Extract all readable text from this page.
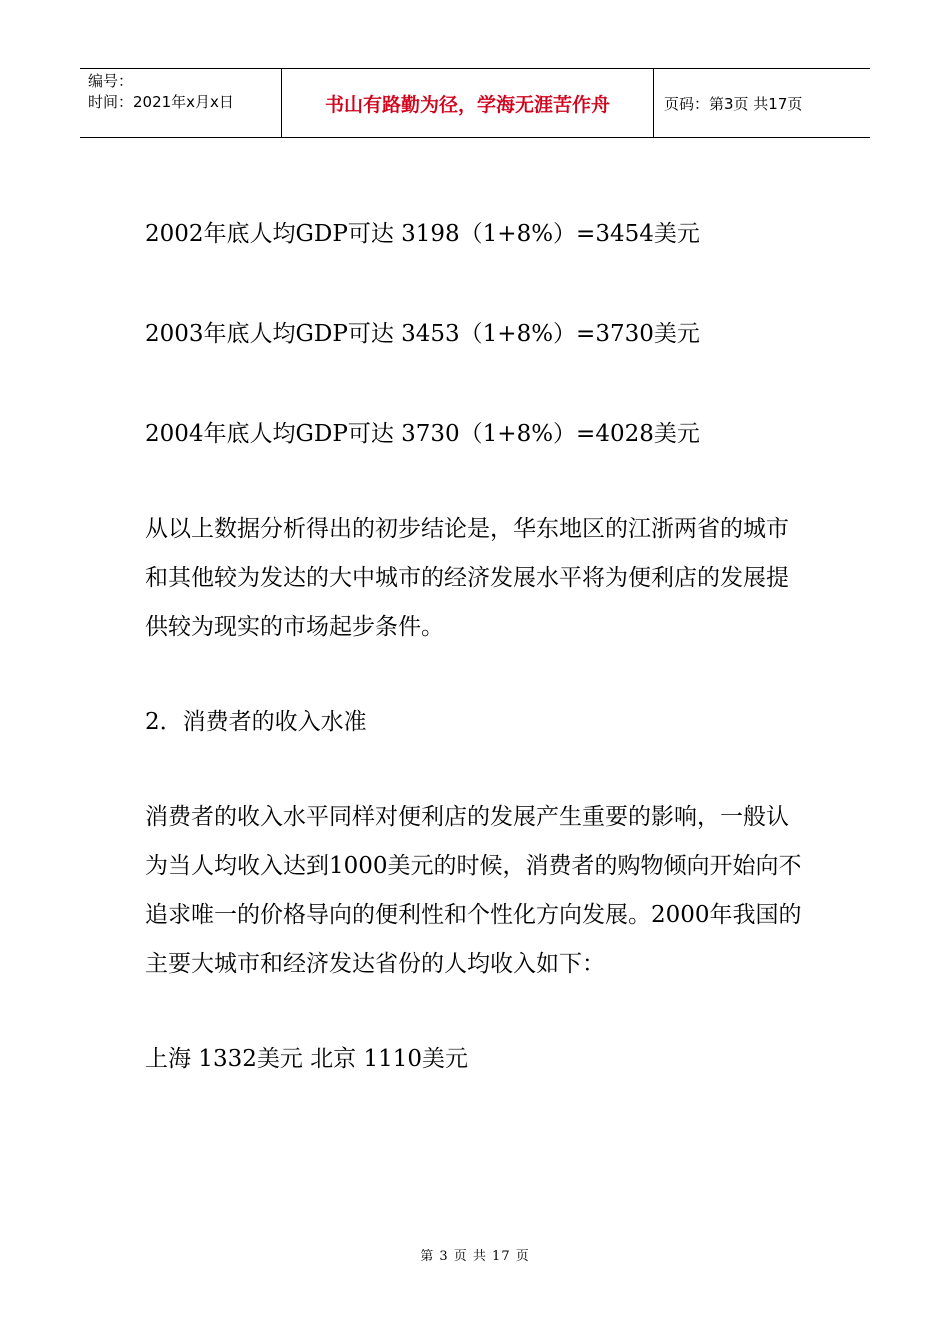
编号：
时间：2021年x月x日	书山有路勤为径，学海无涯苦作舟	页码：第3页 共17页

2002年底人均GDP可达 3198（1+8%）=3454美元

2003年底人均GDP可达 3453（1+8%）=3730美元

2004年底人均GDP可达 3730（1+8%）=4028美元

从以上数据分析得出的初步结论是，华东地区的江浙两省的城市和其他较为发达的大中城市的经济发展水平将为便利店的发展提供较为现实的市场起步条件。

2．消费者的收入水准

消费者的收入水平同样对便利店的发展产生重要的影响，一般认为当人均收入达到1000美元的时候，消费者的购物倾向开始向不追求唯一的价格导向的便利性和个性化方向发展。2000年我国的主要大城市和经济发达省份的人均收入如下：

上海 1332美元 北京 1110美元

第 3 页 共 17 页
